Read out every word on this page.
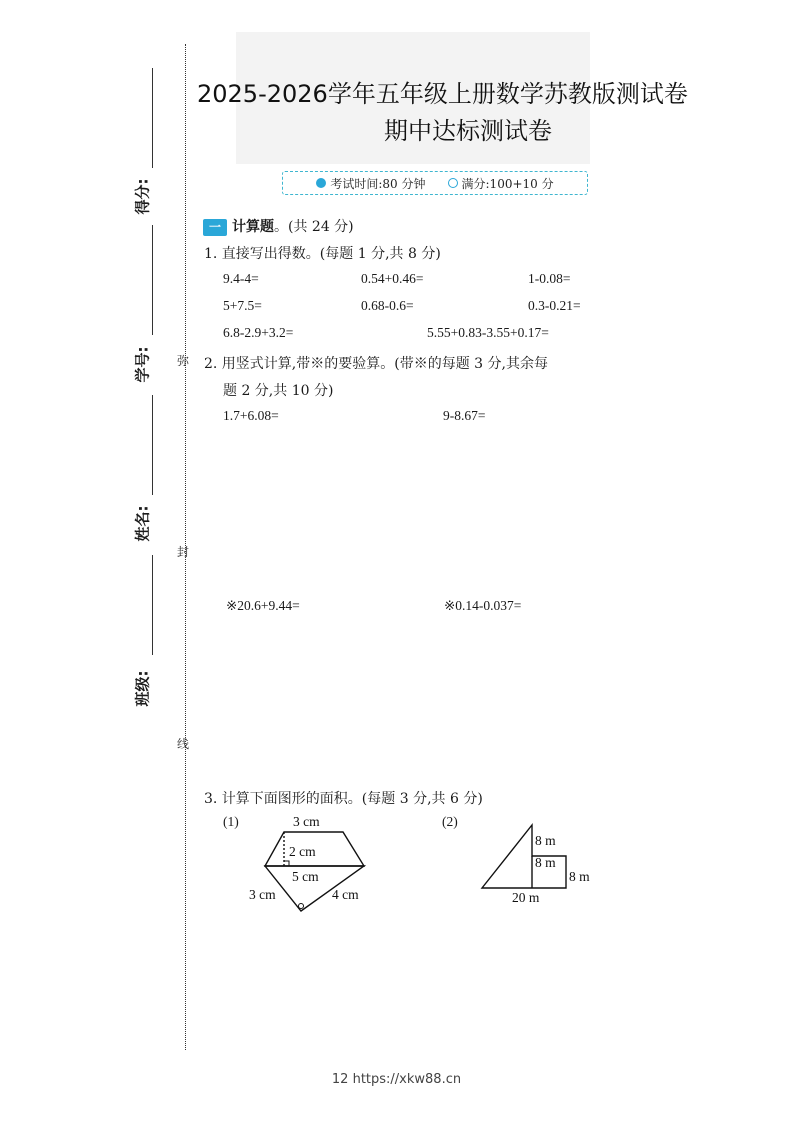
2025-2026学年五年级上册数学苏教版测试卷
期中达标测试卷
考试时间:80 分钟	满分:100+10 分
得分:
学号:
姓名:
班级:
弥
封
线
一 计算题。(共 24 分)
1. 直接写出得数。(每题 1 分,共 8 分)
9.4-4=	0.54+0.46=	1-0.08=
5+7.5=	0.68-0.6=	0.3-0.21=
6.8-2.9+3.2=	5.55+0.83-3.55+0.17=
2. 用竖式计算,带※的要验算。(带※的每题 3 分,其余每
题 2 分,共 10 分)
1.7+6.08=	9-8.67=
※20.6+9.44=	※0.14-0.037=
3. 计算下面图形的面积。(每题 3 分,共 6 分)
(1)	(2)
3 cm
2 cm
5 cm
3 cm	4 cm
8 m
8 m
8 m
20 m
12 https://xkw88.cn
